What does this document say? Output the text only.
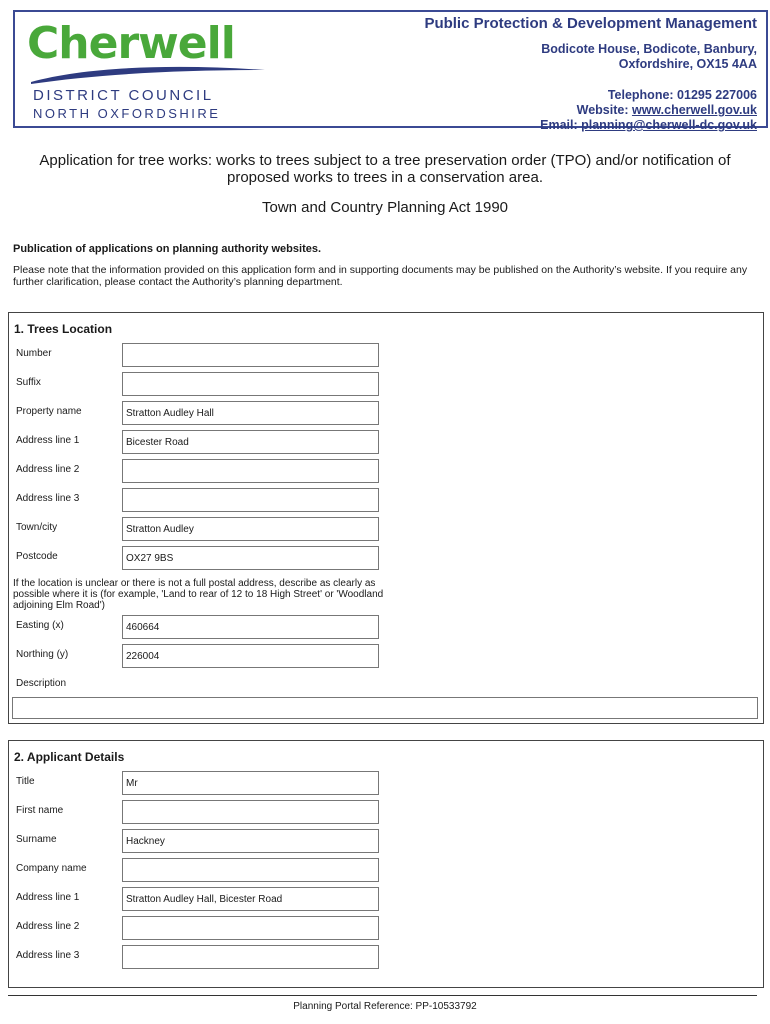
Cherwell
DISTRICT COUNCIL
NORTH OXFORDSHIRE
Public Protection & Development Management
Bodicote House, Bodicote, Banbury,
Oxfordshire, OX15 4AA
Telephone: 01295 227006
Website: www.cherwell.gov.uk
Email: planning@cherwell-dc.gov.uk
Application for tree works: works to trees subject to a tree preservation order (TPO) and/or notification of proposed works to trees in a conservation area.
Town and Country Planning Act 1990
Publication of applications on planning authority websites.
Please note that the information provided on this application form and in supporting documents may be published on the Authority’s website. If you require any further clarification, please contact the Authority’s planning department.
1. Trees Location
Number
Suffix
Property name	Stratton Audley Hall
Address line 1	Bicester Road
Address line 2
Address line 3
Town/city	Stratton Audley
Postcode	OX27 9BS
If the location is unclear or there is not a full postal address, describe as clearly as possible where it is (for example, 'Land to rear of 12 to 18 High Street' or 'Woodland adjoining Elm Road')
Easting (x)	460664
Northing (y)	226004
Description
2. Applicant Details
Title	Mr
First name
Surname	Hackney
Company name
Address line 1	Stratton Audley Hall, Bicester Road
Address line 2
Address line 3
Planning Portal Reference: PP-10533792
